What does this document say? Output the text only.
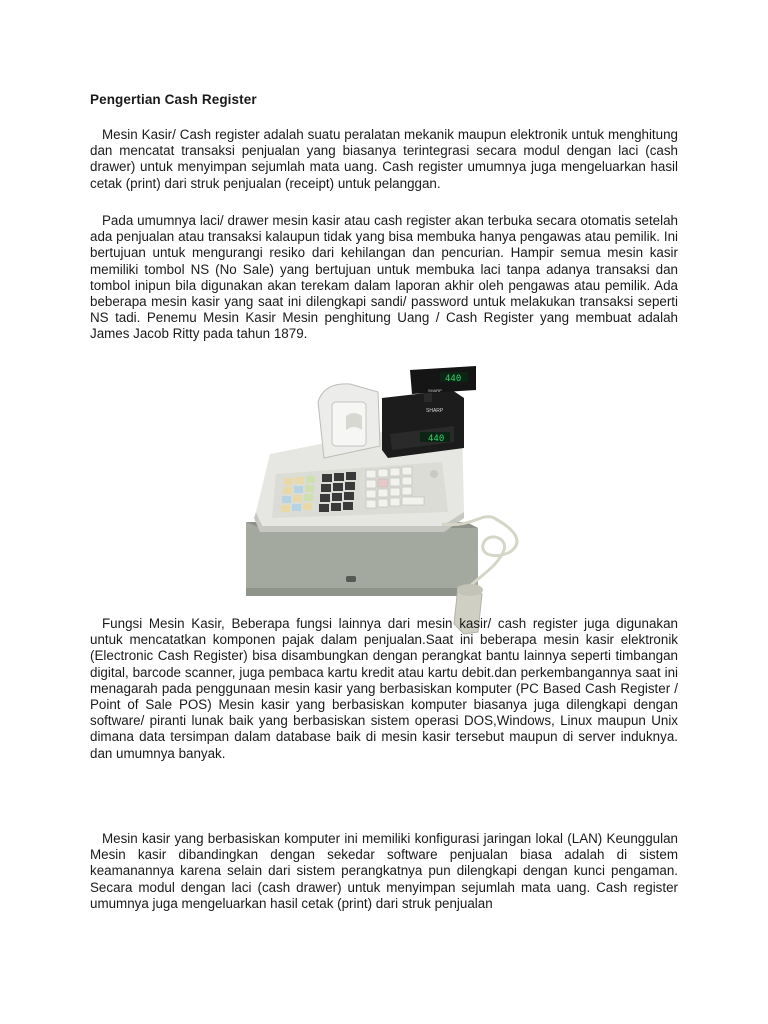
Pengertian Cash Register

Mesin Kasir/ Cash register adalah suatu peralatan mekanik maupun elektronik untuk menghitung dan mencatat transaksi penjualan yang biasanya terintegrasi secara modul dengan laci (cash drawer) untuk menyimpan sejumlah mata uang. Cash register umumnya juga mengeluarkan hasil cetak (print) dari struk penjualan (receipt) untuk pelanggan.

Pada umumnya laci/ drawer mesin kasir atau cash register akan terbuka secara otomatis setelah ada penjualan atau transaksi kalaupun tidak yang bisa membuka hanya pengawas atau pemilik. Ini bertujuan untuk mengurangi resiko dari kehilangan dan pencurian. Hampir semua mesin kasir memiliki tombol NS (No Sale) yang bertujuan untuk membuka laci tanpa adanya transaksi dan tombol inipun bila digunakan akan terekam dalam laporan akhir oleh pengawas atau pemilik. Ada beberapa mesin kasir yang saat ini dilengkapi sandi/ password untuk melakukan transaksi seperti NS tadi. Penemu Mesin Kasir Mesin penghitung Uang / Cash Register yang membuat adalah James Jacob Ritty pada tahun 1879.

440
SHARP
440
SHARP

Fungsi Mesin Kasir, Beberapa fungsi lainnya dari mesin kasir/ cash register juga digunakan untuk mencatatkan komponen pajak dalam penjualan.Saat ini beberapa mesin kasir elektronik (Electronic Cash Register) bisa disambungkan dengan perangkat bantu lainnya seperti timbangan digital, barcode scanner, juga pembaca kartu kredit atau kartu debit.dan perkembangannya saat ini menagarah pada penggunaan mesin kasir yang berbasiskan komputer (PC Based Cash Register / Point of Sale POS) Mesin kasir yang berbasiskan komputer biasanya juga dilengkapi dengan software/ piranti lunak baik yang berbasiskan sistem operasi DOS,Windows, Linux maupun Unix dimana data tersimpan dalam database baik di mesin kasir tersebut maupun di server induknya. dan umumnya banyak.

Mesin kasir yang berbasiskan komputer ini memiliki konfigurasi jaringan lokal (LAN) Keunggulan Mesin kasir dibandingkan dengan sekedar software penjualan biasa adalah di sistem keamanannya karena selain dari sistem perangkatnya pun dilengkapi dengan kunci pengaman. Secara modul dengan laci (cash drawer) untuk menyimpan sejumlah mata uang. Cash register umumnya juga mengeluarkan hasil cetak (print) dari struk penjualan
